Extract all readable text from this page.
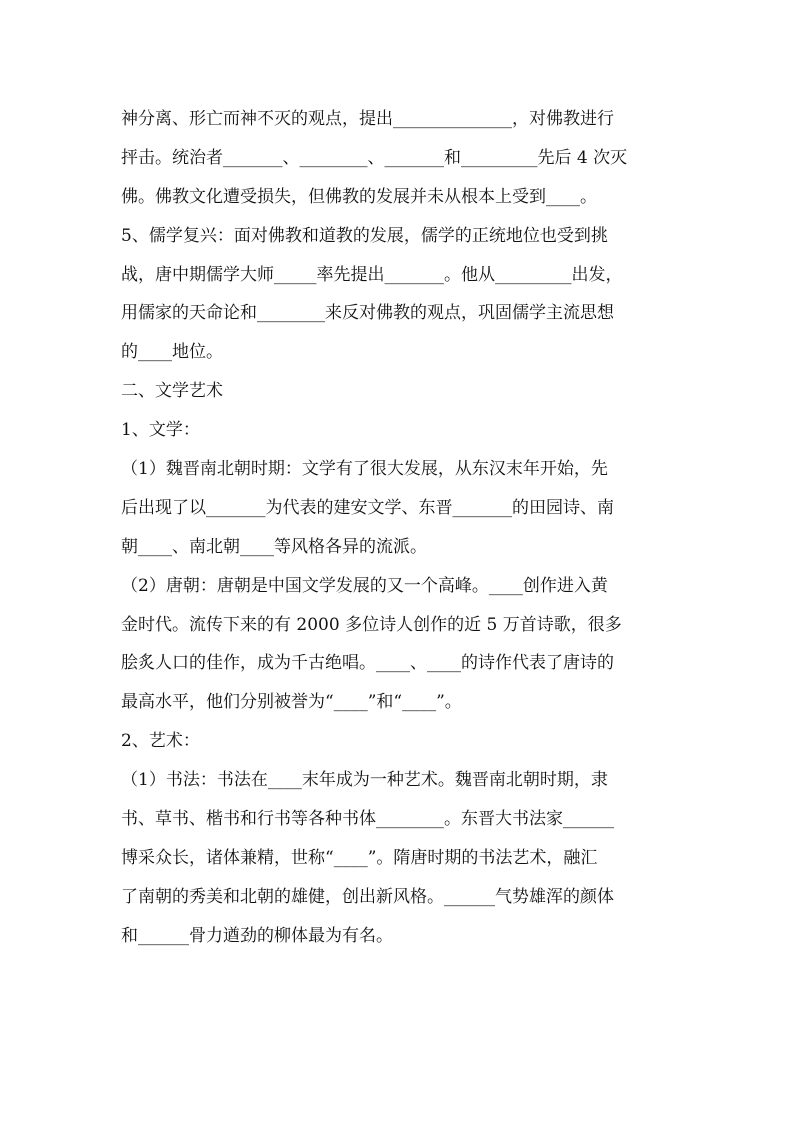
神分离、形亡而神不灭的观点，提出______________，对佛教进行
抨击。统治者_______、________、_______和_________先后 4 次灭
佛。佛教文化遭受损失，但佛教的发展并未从根本上受到____。
5、儒学复兴：面对佛教和道教的发展，儒学的正统地位也受到挑
战，唐中期儒学大师_____率先提出_______。他从_________出发，
用儒家的天命论和________来反对佛教的观点，巩固儒学主流思想
的____地位。
二、文学艺术
1、文学：
（1）魏晋南北朝时期：文学有了很大发展，从东汉末年开始，先
后出现了以_______为代表的建安文学、东晋_______的田园诗、南
朝____、南北朝____等风格各异的流派。
（2）唐朝：唐朝是中国文学发展的又一个高峰。____创作进入黄
金时代。流传下来的有 2000 多位诗人创作的近 5 万首诗歌，很多
脍炙人口的佳作，成为千古绝唱。____、____的诗作代表了唐诗的
最高水平，他们分别被誉为“____”和“____”。
2、艺术：
（1）书法：书法在____末年成为一种艺术。魏晋南北朝时期，隶
书、草书、楷书和行书等各种书体________。东晋大书法家______
博采众长，诸体兼精，世称“____”。隋唐时期的书法艺术，融汇
了南朝的秀美和北朝的雄健，创出新风格。______气势雄浑的颜体
和______骨力遒劲的柳体最为有名。
